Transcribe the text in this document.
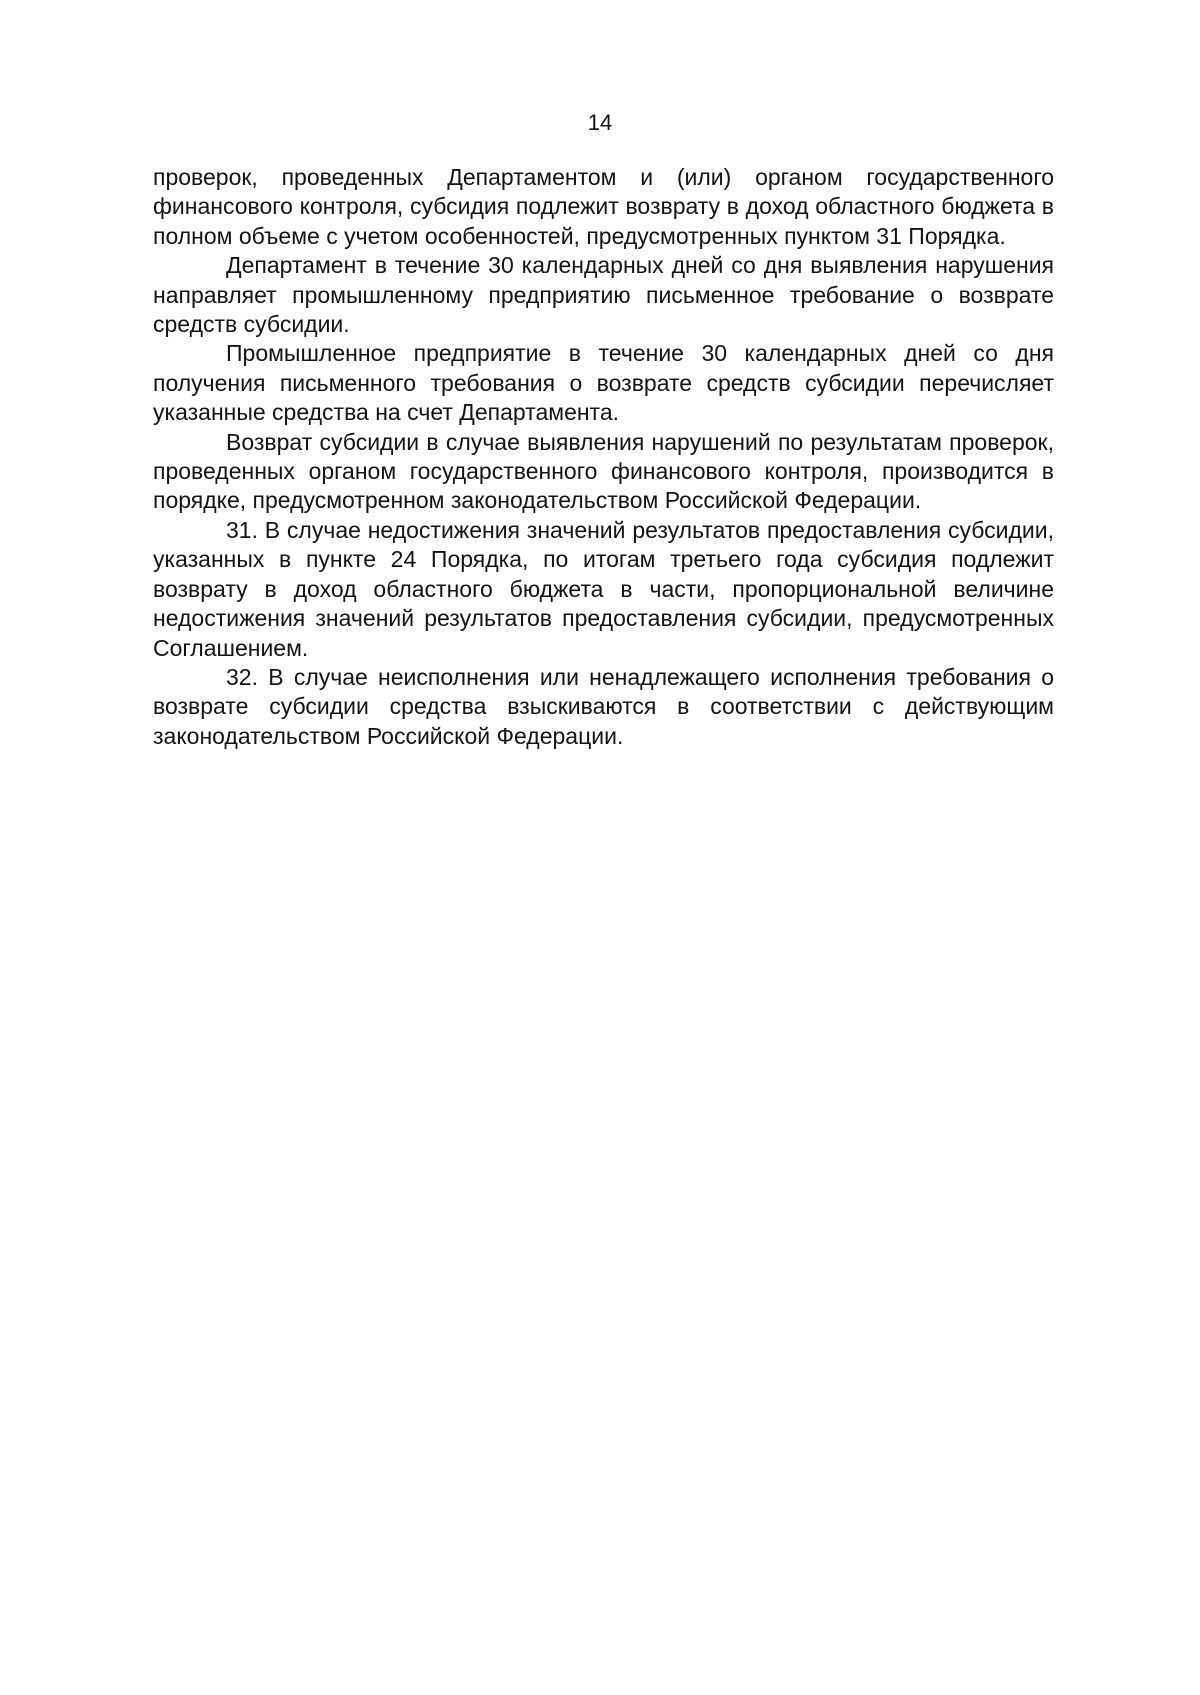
14

проверок, проведенных Департаментом и (или) органом государственного финансового контроля, субсидия подлежит возврату в доход областного бюджета в полном объеме с учетом особенностей, предусмотренных пунктом 31 Порядка.

Департамент в течение 30 календарных дней со дня выявления нарушения направляет промышленному предприятию письменное требование о возврате средств субсидии.

Промышленное предприятие в течение 30 календарных дней со дня получения письменного требования о возврате средств субсидии перечисляет указанные средства на счет Департамента.

Возврат субсидии в случае выявления нарушений по результатам проверок, проведенных органом государственного финансового контроля, производится в порядке, предусмотренном законодательством Российской Федерации.

31. В случае недостижения значений результатов предоставления субсидии, указанных в пункте 24 Порядка, по итогам третьего года субсидия подлежит возврату в доход областного бюджета в части, пропорциональной величине недостижения значений результатов предоставления субсидии, предусмотренных Соглашением.

32. В случае неисполнения или ненадлежащего исполнения требования о возврате субсидии средства взыскиваются в соответствии с действующим законодательством Российской Федерации.
